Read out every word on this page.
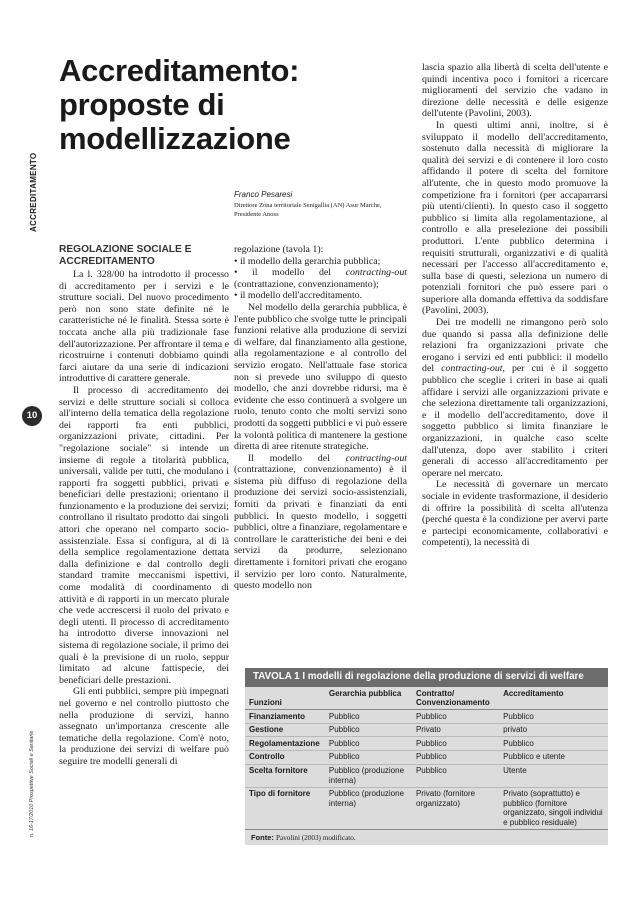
ACCREDITAMENTO
10
n. 16-17/2010 Prospettive Sociali e Sanitarie
Accreditamento: proposte di modellizzazione
Franco Pesaresi
Direttore Zona territoriale Senigallia (AN) Asur Marche, Presidente Anoss
REGOLAZIONE SOCIALE E ACCREDITAMENTO

La l. 328/00 ha introdotto il processo di accreditamento per i servizi e le strutture sociali. Del nuovo procedimento però non sono state definite né le caratteristiche né le finalità. Stessa sorte è toccata anche alla più tradizionale fase dell'autorizzazione. Per affrontare il tema e ricostruirne i contenuti dobbiamo quindi farci aiutare da una serie di indicazioni introduttive di carattere generale.

Il processo di accreditamento dei servizi e delle strutture sociali si colloca all'interno della tematica della regolazione dei rapporti fra enti pubblici, organizzazioni private, cittadini. Per "regolazione sociale" si intende un insieme di regole a titolarità pubblica, universali, valide per tutti, che modulano i rapporti fra soggetti pubblici, privati e beneficiari delle prestazioni; orientano il funzionamento e la produzione dei servizi; controllano il risultato prodotto dai singoli attori che operano nel comparto socio-assistenziale. Essa si configura, al di là della semplice regolamentazione dettata dalla definizione e dal controllo degli standard tramite meccanismi ispettivi, come modalità di coordinamento di attività e di rapporti in un mercato plurale che vede accrescersi il ruolo del privato e degli utenti. Il processo di accreditamento ha introdotto diverse innovazioni nel sistema di regolazione sociale, il primo dei quali è la previsione di un ruolo, seppur limitato ad alcune fattispecie, dei beneficiari delle prestazioni.

Gli enti pubblici, sempre più impegnati nel governo e nel controllo piuttosto che nella produzione di servizi, hanno assegnato un'importanza crescente alle tematiche della regolazione. Com'è noto, la produzione dei servizi di welfare può seguire tre modelli generali di

regolazione (tavola 1):

• il modello della gerarchia pubblica;

• il modello del contracting-out (contrattazione, convenzionamento);

• il modello dell'accreditamento.

Nel modello della gerarchia pubblica, è l'ente pubblico che svolge tutte le principali funzioni relative alla produzione di servizi di welfare, dal finanziamento alla gestione, alla regolamentazione e al controllo del servizio erogato. Nell'attuale fase storica non si prevede uno sviluppo di questo modello, che anzi dovrebbe ridursi, ma è evidente che esso continuerà a svolgere un ruolo, tenuto conto che molti servizi sono prodotti da soggetti pubblici e vi può essere la volontà politica di mantenere la gestione diretta di aree ritenute strategiche.

Il modello del contracting-out (contrattazione, convenzionamento) è il sistema più diffuso di regolazione della produzione dei servizi socio-assistenziali, forniti da privati e finanziati da enti pubblici. In questo modello, i soggetti pubblici, oltre a finanziare, regolamentare e controllare le caratteristiche dei beni e dei servizi da produrre, selezionano direttamente i fornitori privati che erogano il servizio per loro conto. Naturalmente, questo modello non

lascia spazio alla libertà di scelta dell'utente e quindi incentiva poco i fornitori a ricercare miglioramenti del servizio che vadano in direzione delle necessità e delle esigenze dell'utente (Pavolini, 2003).

In questi ultimi anni, inoltre, si è sviluppato il modello dell'accreditamento, sostenuto dalla necessità di migliorare la qualità dei servizi e di contenere il loro costo affidando il potere di scelta del fornitore all'utente, che in questo modo promuove la competizione fra i fornitori (per accaparrarsi più utenti/clienti). In questo caso il soggetto pubblico si limita alla regolamentazione, al controllo e alla preselezione dei possibili produttori. L'ente pubblico determina i requisiti strutturali, organizzativi e di qualità necessari per l'accesso all'accreditamento e, sulla base di questi, seleziona un numero di potenziali fornitori che può essere pari o superiore alla domanda effettiva da soddisfare (Pavolini, 2003).

Dei tre modelli ne rimangono però solo due quando si passa alla definizione delle relazioni fra organizzazioni private che erogano i servizi ed enti pubblici: il modello del contracting-out, per cui è il soggetto pubblico che sceglie i criteri in base ai quali affidare i servizi alle organizzazioni private e che seleziona direttamente tali organizzazioni, e il modello dell'accreditamento, dove il soggetto pubblico si limita finanziare le organizzazioni, in qualche caso scelte dall'utenza, dopo aver stabilito i criteri generali di accesso all'accreditamento per operare nel mercato.

Le necessità di governare un mercato sociale in evidente trasformazione, il desiderio di offrire la possibilità di scelta all'utenza (perché questa è la condizione per avervi parte e partecipi economicamente, collaborativi e competenti), la necessità di

TAVOLA 1 I modelli di regolazione della produzione di servizi di welfare
Funzioni	Gerarchia pubblica	Contratto/ Convenzionamento	Accreditamento
Finanziamento	Pubblico	Pubblico	Pubblico
Gestione	Pubblico	Privato	privato
Regolamentazione	Pubblico	Pubblico	Pubblico
Controllo	Pubblico	Pubblico	Pubblico e utente
Scelta fornitore	Pubblico (produzione interna)	Pubblico	Utente
Tipo di fornitore	Pubblico (produzione interna)	Privato (fornitore organizzato)	Privato (soprattutto) e pubblico (fornitore organizzato, singoli individui e pubblico residuale)
Fonte: Pavolini (2003) modificato.
